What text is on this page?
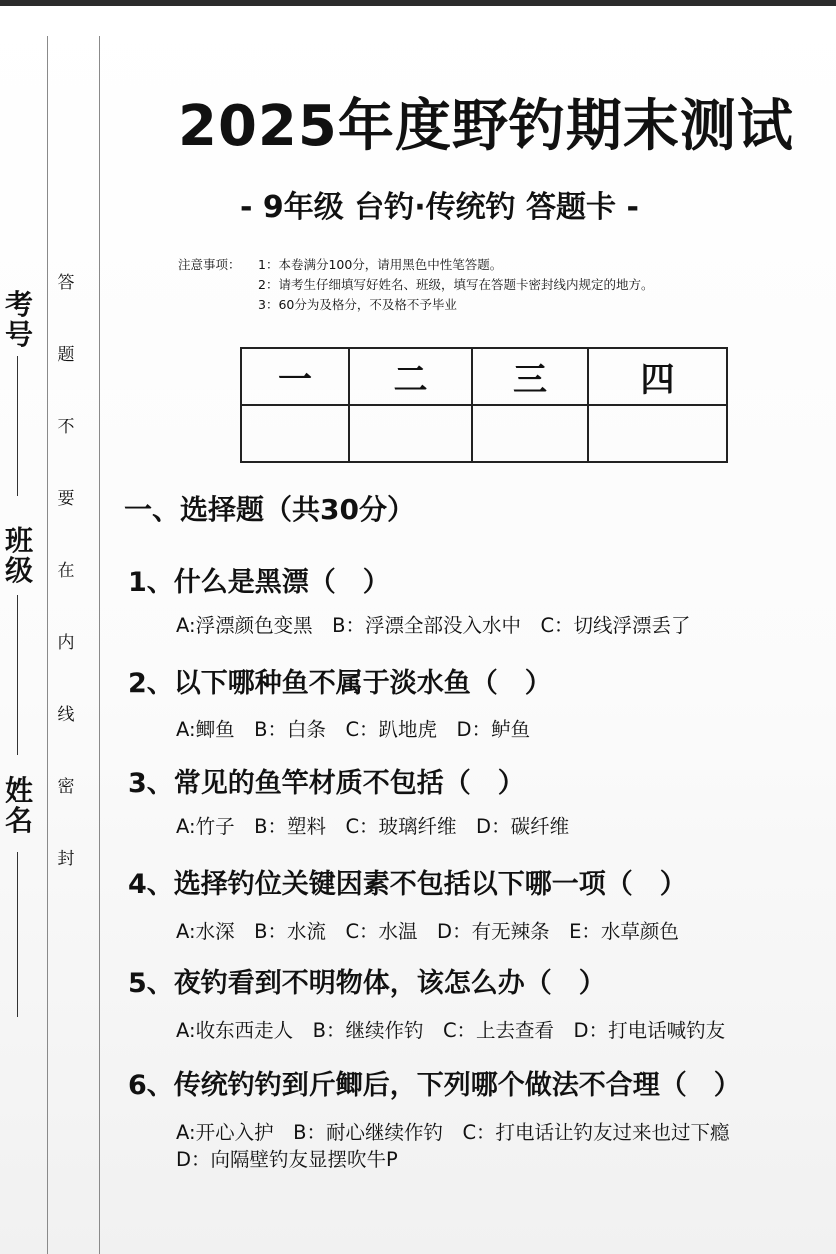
考号
班级
姓名
答
题
不
要
在
内
线
密
封
2025年度野钓期末测试
- 9年级 台钓·传统钓 答题卡 -
注意事项：	1：本卷满分100分，请用黑色中性笔答题。
2：请考生仔细填写好姓名、班级，填写在答题卡密封线内规定的地方。
3：60分为及格分，不及格不予毕业
一	二	三	四

一、选择题（共30分）
1、什么是黑漂（　）
A:浮漂颜色变黑　B：浮漂全部没入水中　C：切线浮漂丢了
2、以下哪种鱼不属于淡水鱼（　）
A:鲫鱼　B：白条　C：趴地虎　D：鲈鱼
3、常见的鱼竿材质不包括（　）
A:竹子　B：塑料　C：玻璃纤维　D：碳纤维
4、选择钓位关键因素不包括以下哪一项（　）
A:水深　B：水流　C：水温　D：有无辣条　E：水草颜色
5、夜钓看到不明物体，该怎么办（　）
A:收东西走人　B：继续作钓　C：上去查看　D：打电话喊钓友
6、传统钓钓到斤鲫后，下列哪个做法不合理（　）
A:开心入护　B：耐心继续作钓　C：打电话让钓友过来也过下瘾
D：向隔壁钓友显摆吹牛P
